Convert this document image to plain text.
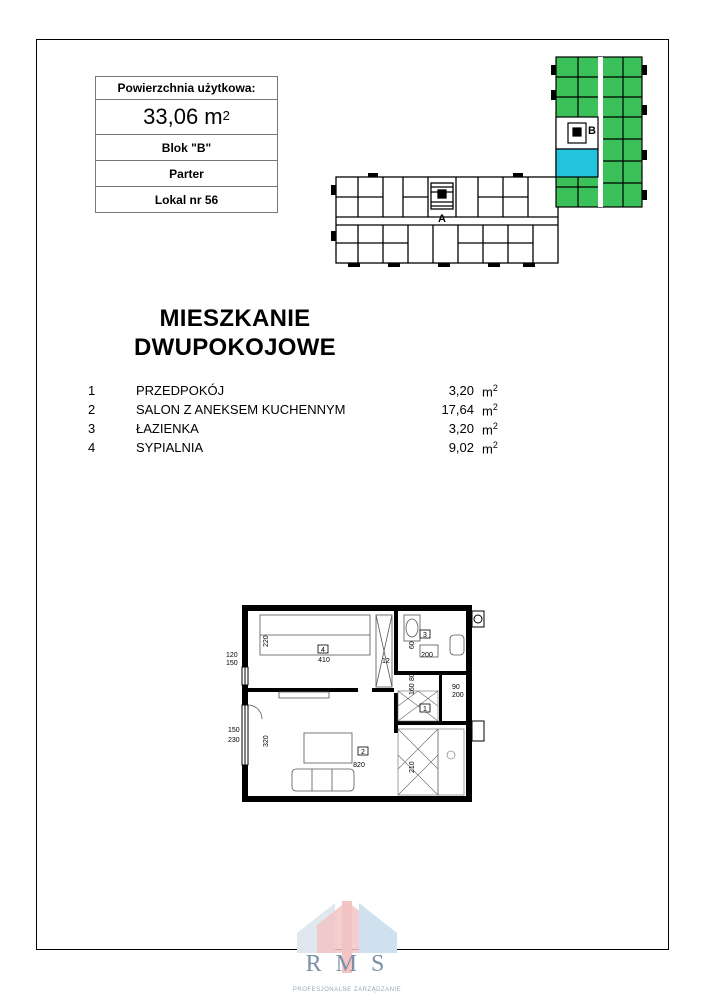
Powierzchnia użytkowa:
33,06 $m^2$
Blok "B"
Parter
Lokal nr 56
A
B
MIESZKANIE
DWUPOKOJOWE
1	PRZEDPOKÓJ	3,20 $m^2$
2	SALON Z ANEKSEM KUCHENNYM	17,64 $m^2$
3	ŁAZIENKA	3,20 $m^2$
4	SYPIALNIA	9,02 $m^2$
4
2
3
1
410
820
200
220
320
12
160
210
120
150
150
230
90
60
80
200
RMS
PROFESJONALNE ZARZĄDZANIE
